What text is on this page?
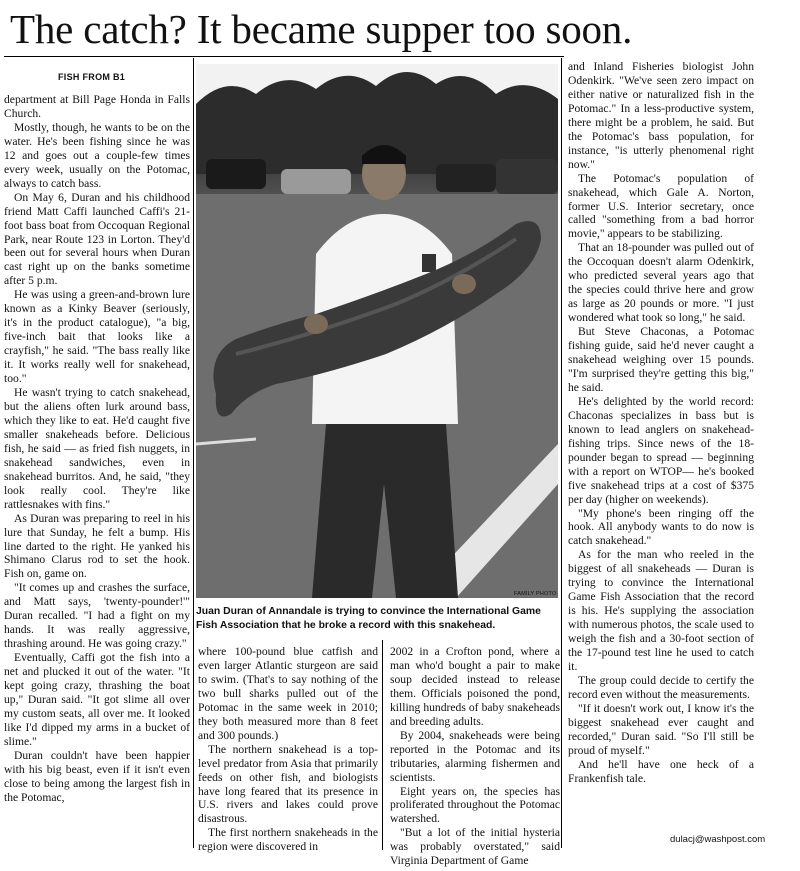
The catch? It became supper too soon.
FISH FROM B1

department at Bill Page Honda in Falls Church.

Mostly, though, he wants to be on the water. He's been fishing since he was 12 and goes out a couple-few times every week, usually on the Potomac, always to catch bass.

On May 6, Duran and his childhood friend Matt Caffi launched Caffi's 21-foot bass boat from Occoquan Regional Park, near Route 123 in Lorton. They'd been out for several hours when Duran cast right up on the banks sometime after 5 p.m.

He was using a green-and-brown lure known as a Kinky Beaver (seriously, it's in the product catalogue), "a big, five-inch bait that looks like a crayfish," he said. "The bass really like it. It works really well for snakehead, too."

He wasn't trying to catch snakehead, but the aliens often lurk around bass, which they like to eat. He'd caught five smaller snakeheads before. Delicious fish, he said — as fried fish nuggets, in snakehead sandwiches, even in snakehead burritos. And, he said, "they look really cool. They're like rattlesnakes with fins."

As Duran was preparing to reel in his lure that Sunday, he felt a bump. His line darted to the right. He yanked his Shimano Clarus rod to set the hook. Fish on, game on.

"It comes up and crashes the surface, and Matt says, 'twenty-pounder!'" Duran recalled. "I had a fight on my hands. It was really aggressive, thrashing around. He was going crazy."

Eventually, Caffi got the fish into a net and plucked it out of the water. "It kept going crazy, thrashing the boat up," Duran said. "It got slime all over my custom seats, all over me. It looked like I'd dipped my arms in a bucket of slime."

Duran couldn't have been happier with his big beast, even if it isn't even close to being among the largest fish in the Potomac,

FAMILY PHOTO
Juan Duran of Annandale is trying to convince the International Game Fish Association that he broke a record with this snakehead.

where 100-pound blue catfish and even larger Atlantic sturgeon are said to swim. (That's to say nothing of the two bull sharks pulled out of the Potomac in the same week in 2010; they both measured more than 8 feet and 300 pounds.)

The northern snakehead is a top-level predator from Asia that primarily feeds on other fish, and biologists have long feared that its presence in U.S. rivers and lakes could prove disastrous.

The first northern snakeheads in the region were discovered in

2002 in a Crofton pond, where a man who'd bought a pair to make soup decided instead to release them. Officials poisoned the pond, killing hundreds of baby snakeheads and breeding adults.

By 2004, snakeheads were being reported in the Potomac and its tributaries, alarming fishermen and scientists.

Eight years on, the species has proliferated throughout the Potomac watershed.

"But a lot of the initial hysteria was probably overstated," said Virginia Department of Game

and Inland Fisheries biologist John Odenkirk. "We've seen zero impact on either native or naturalized fish in the Potomac." In a less-productive system, there might be a problem, he said. But the Potomac's bass population, for instance, "is utterly phenomenal right now."

The Potomac's population of snakehead, which Gale A. Norton, former U.S. Interior secretary, once called "something from a bad horror movie," appears to be stabilizing.

That an 18-pounder was pulled out of the Occoquan doesn't alarm Odenkirk, who predicted several years ago that the species could thrive here and grow as large as 20 pounds or more. "I just wondered what took so long," he said.

But Steve Chaconas, a Potomac fishing guide, said he'd never caught a snakehead weighing over 15 pounds. "I'm surprised they're getting this big," he said.

He's delighted by the world record: Chaconas specializes in bass but is known to lead anglers on snakehead-fishing trips. Since news of the 18-pounder began to spread — beginning with a report on WTOP— he's booked five snakehead trips at a cost of $375 per day (higher on weekends).

"My phone's been ringing off the hook. All anybody wants to do now is catch snakehead."

As for the man who reeled in the biggest of all snakeheads — Duran is trying to convince the International Game Fish Association that the record is his. He's supplying the association with numerous photos, the scale used to weigh the fish and a 30-foot section of the 17-pound test line he used to catch it.

The group could decide to certify the record even without the measurements.

"If it doesn't work out, I know it's the biggest snakehead ever caught and recorded," Duran said. "So I'll still be proud of myself."

And he'll have one heck of a Frankenfish tale.

dulacj@washpost.com
